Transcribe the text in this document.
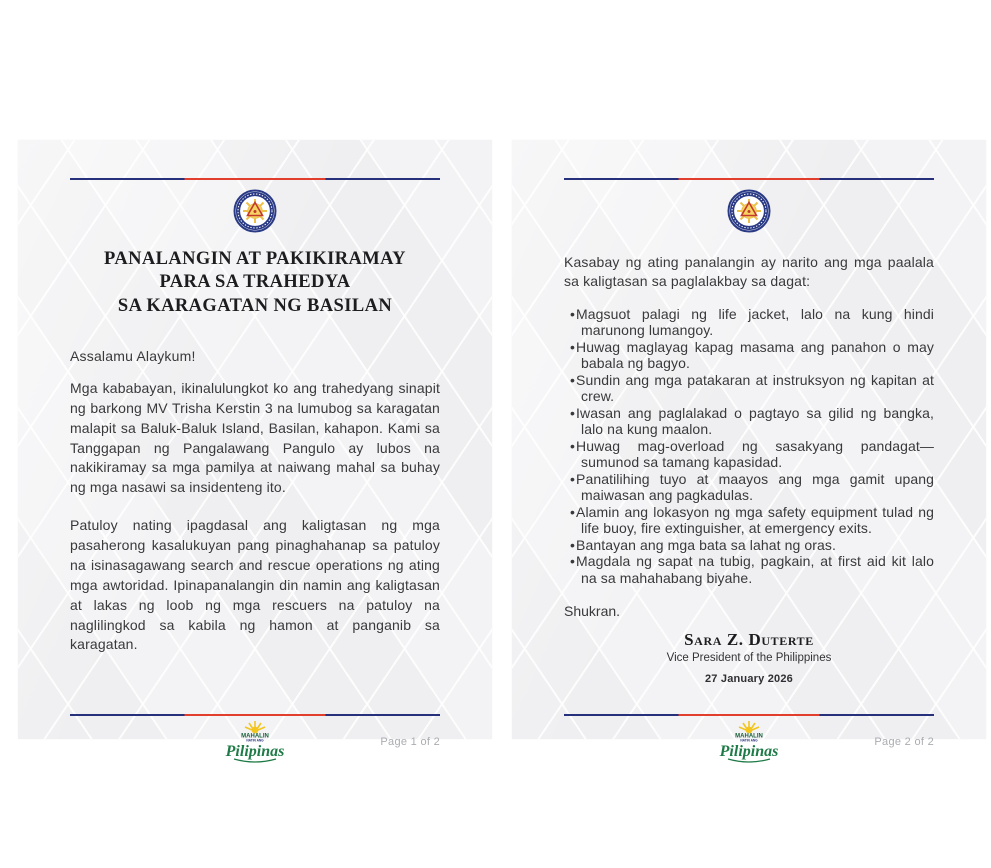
PANALANGIN AT PAKIKIRAMAY
PARA SA TRAHEDYA
SA KARAGATAN NG BASILAN
Assalamu Alaykum!

Mga kababayan, ikinalulungkot ko ang trahedyang sinapit ng barkong MV Trisha Kerstin 3 na lumubog sa karagatan malapit sa Baluk-Baluk Island, Basilan, kahapon. Kami sa Tanggapan ng Pangalawang Pangulo ay lubos na nakikiramay sa mga pamilya at naiwang mahal sa buhay ng mga nasawi sa insidenteng ito.

Patuloy nating ipagdasal ang kaligtasan ng mga pasaherong kasalukuyan pang pinaghahanap sa patuloy na isinasagawang search and rescue operations ng ating mga awtoridad. Ipinapanalangin din namin ang kaligtasan at lakas ng loob ng mga rescuers na patuloy na naglilingkod sa kabila ng hamon at panganib sa karagatan.

MAHALIN
NATIN ANG
Pilipinas
Page 1 of 2

Kasabay ng ating panalangin ay narito ang mga paalala sa kaligtasan sa paglalakbay sa dagat:

• Magsuot palagi ng life jacket, lalo na kung hindi marunong lumangoy.
• Huwag maglayag kapag masama ang panahon o may babala ng bagyo.
• Sundin ang mga patakaran at instruksyon ng kapitan at crew.
• Iwasan ang paglalakad o pagtayo sa gilid ng bangka, lalo na kung maalon.
• Huwag mag-overload ng sasakyang pandagat—sumunod sa tamang kapasidad.
• Panatilihing tuyo at maayos ang mga gamit upang maiwasan ang pagkadulas.
• Alamin ang lokasyon ng mga safety equipment tulad ng life buoy, fire extinguisher, at emergency exits.
• Bantayan ang mga bata sa lahat ng oras.
• Magdala ng sapat na tubig, pagkain, at first aid kit lalo na sa mahahabang biyahe.
Shukran.
Sara Z. Duterte
Vice President of the Philippines
27 January 2026
MAHALIN
NATIN ANG
Pilipinas
Page 2 of 2
